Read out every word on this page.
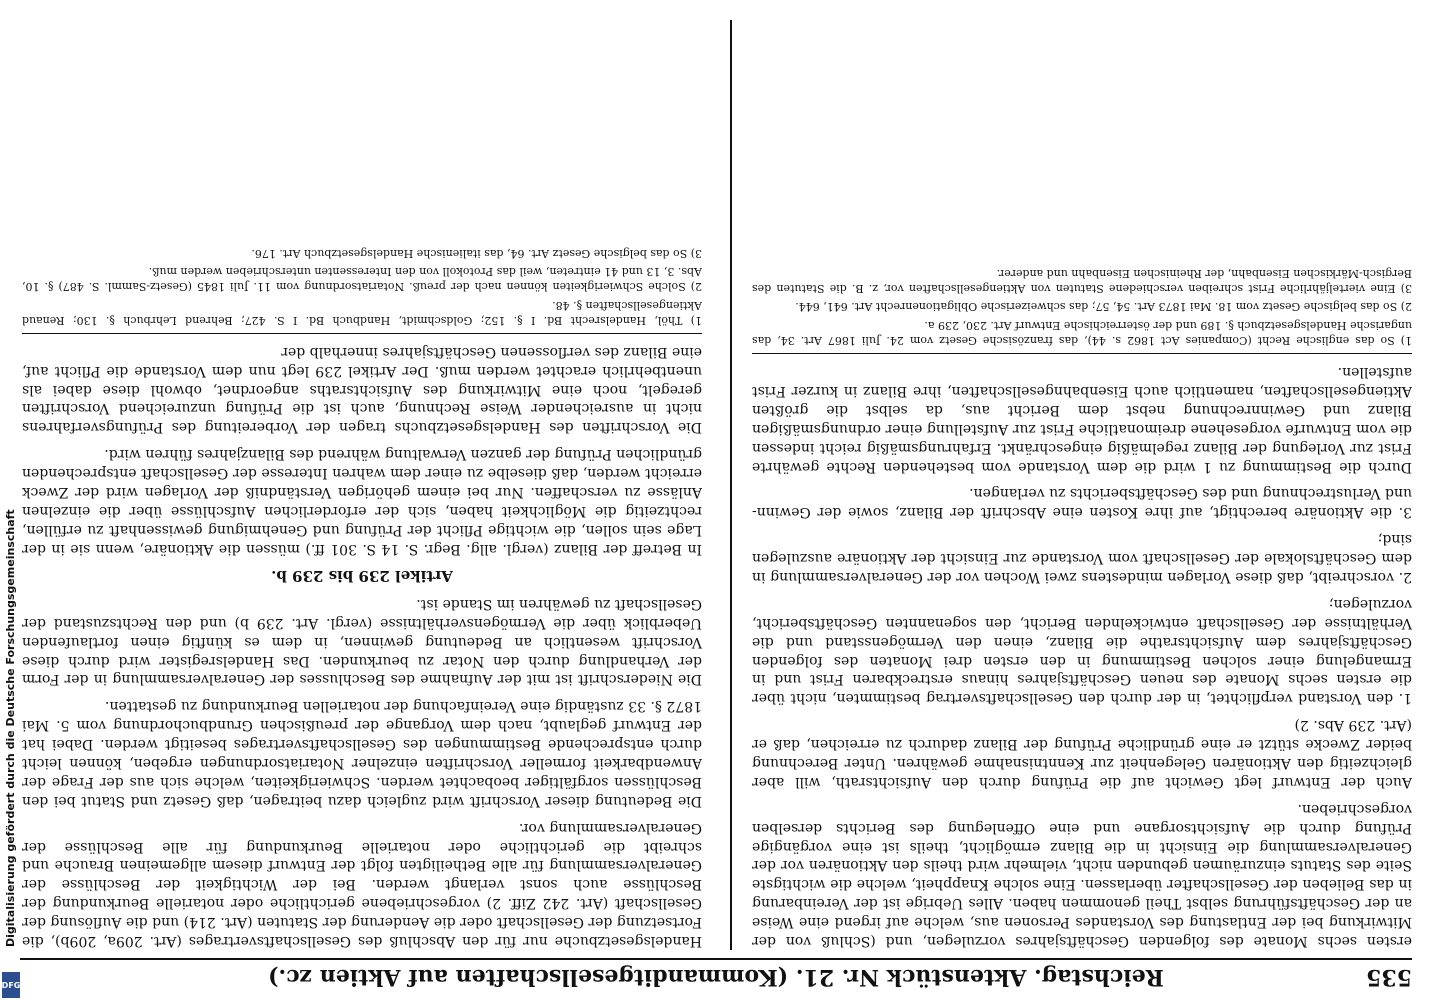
535
Reichstag. Aktenstück Nr. 21. (Kommanditgesellschaften auf Aktien zc.)

ersten sechs Monate des folgenden Geschäftsjahres vorzulegen, und (Schluß von der Mitwirkung bei der Entlastung des Vorstandes Personen aus, welche auf irgend eine Weise an der Geschäftsführung selbst Theil genommen haben. Alles Uebrige ist der Vereinbarung in das Belieben der Gesellschafter überlassen. Eine solche Knappheit, welche die wichtigste Seite des Statuts einzuräumen gebunden nicht, vielmehr wird theils den Aktionären vor der Generalversammlung die Einsicht in die Bilanz ermöglicht, theils ist eine vorgängige Prüfung durch die Aufsichtsorgane und eine Offenlegung des Berichts derselben vorgeschrieben.

Auch der Entwurf legt Gewicht auf die Prüfung durch den Aufsichtsrath, will aber gleichzeitig den Aktionären Gelegenheit zur Kenntnisnahme gewähren. Unter Berechnung beider Zwecke stützt er eine gründliche Prüfung der Bilanz dadurch zu erreichen, daß er (Art. 239 Abs. 2)

1. den Vorstand verpflichtet, in der durch den Gesellschaftsvertrag bestimmten, nicht über die ersten sechs Monate des neuen Geschäftsjahres hinaus erstreckbaren Frist und in Ermangelung einer solchen Bestimmung in den ersten drei Monaten des folgenden Geschäftsjahres dem Aufsichtsrathe die Bilanz, einen den Vermögensstand und die Verhältnisse der Gesellschaft entwickelnden Bericht, den sogenannten Geschäftsbericht, vorzulegen;

2. vorschreibt, daß diese Vorlagen mindestens zwei Wochen vor der Generalversammlung in dem Geschäftslokale der Gesellschaft vom Vorstande zur Einsicht der Aktionäre auszulegen sind;

3. die Aktionäre berechtigt, auf ihre Kosten eine Abschrift der Bilanz, sowie der Gewinn- und Verlustrechnung und des Geschäftsberichts zu verlangen.

Durch die Bestimmung zu 1 wird die dem Vorstande vom bestehenden Rechte gewährte Frist zur Vorlegung der Bilanz regelmäßig eingeschränkt. Erfahrungsmäßig reicht indessen die vom Entwurfe vorgesehene dreimonatliche Frist zur Aufstellung einer ordnungsmäßigen Bilanz und Gewinnrechnung nebst dem Bericht aus, da selbst die größten Aktiengesellschaften, namentlich auch Eisenbahngesellschaften, ihre Bilanz in kurzer Frist aufstellen.

1) So das englische Recht (Companies Act 1862 s. 44), das französische Gesetz vom 24. Juli 1867 Art. 34, das ungarische Handelsgesetzbuch §. 189 und der österreichische Entwurf Art. 230, 239 a.

2) So das belgische Gesetz vom 18. Mai 1873 Art. 54, 57; das schweizerische Obligationenrecht Art. 641, 644.

3) Eine vierteljährliche Frist schreiben verschiedene Statuten von Aktiengesellschaften vor, z. B. die Statuten des Bergisch-Märkischen Eisenbahn, der Rheinischen Eisenbahn und anderer.

Handelsgesetzbuche nur für den Abschluß des Gesellschaftsvertrages (Art. 209a, 209b), die Fortsetzung der Gesellschaft oder die Aenderung der Statuten (Art. 214) und die Auflösung der Gesellschaft (Art. 242 Ziff. 2) vorgeschriebene gerichtliche oder notarielle Beurkundung der Beschlüsse auch sonst verlangt werden. Bei der Wichtigkeit der Beschlüsse der Generalversammlung für alle Betheiligten folgt der Entwurf diesem allgemeinen Brauche und schreibt die gerichtliche oder notarielle Beurkundung für alle Beschlüsse der Generalversammlung vor.

Die Bedeutung dieser Vorschrift wird zugleich dazu beitragen, daß Gesetz und Statut bei den Beschlüssen sorgfältiger beobachtet werden. Schwierigkeiten, welche sich aus der Frage der Anwendbarkeit formeller Vorschriften einzelner Notariatsordnungen ergeben, können leicht durch entsprechende Bestimmungen des Gesellschaftsvertrages beseitigt werden. Dabei hat der Entwurf geglaubt, nach dem Vorgange der preußischen Grundbuchordnung vom 5. Mai 1872 §. 33 zuständig eine Vereinfachung der notariellen Beurkundung zu gestatten.

Die Niederschrift ist mit der Aufnahme des Beschlusses der Generalversammlung in der Form der Verhandlung durch den Notar zu beurkunden. Das Handelsregister wird durch diese Vorschrift wesentlich an Bedeutung gewinnen, in dem es künftig einen fortlaufenden Ueberblick über die Vermögensverhältnisse (vergl. Art. 239 b) und den Rechtszustand der Gesellschaft zu gewähren im Stande ist.

Artikel 239 bis 239 b.

In Betreff der Bilanz (vergl. allg. Begr. S. 14 S. 301 ff.) müssen die Aktionäre, wenn sie in der Lage sein sollen, die wichtige Pflicht der Prüfung und Genehmigung gewissenhaft zu erfüllen, rechtzeitig die Möglichkeit haben, sich der erforderlichen Aufschlüsse über die einzelnen Anlässe zu verschaffen. Nur bei einem gehörigen Verständniß der Vorlagen wird der Zweck erreicht werden, daß dieselbe zu einer dem wahren Interesse der Gesellschaft entsprechenden gründlichen Prüfung der ganzen Verwaltung während des Bilanzjahres führen wird.

Die Vorschriften des Handelsgesetzbuchs tragen der Vorbereitung des Prüfungsverfahrens nicht in ausreichender Weise Rechnung, auch ist die Prüfung unzureichend Vorschriften geregelt, noch eine Mitwirkung des Aufsichtsraths angeordnet, obwohl diese dabei als unentbehrlich erachtet werden muß. Der Artikel 239 legt nun dem Vorstande die Pflicht auf, eine Bilanz des verflossenen Geschäftsjahres innerhalb der

1) Thöl, Handelsrecht Bd. I §. 152; Goldschmidt, Handbuch Bd. I S. 427; Behrend Lehrbuch §. 130; Renaud Aktiengesellschaften §. 48.

2) Solche Schwierigkeiten können nach der preuß. Notariatsordnung vom 11. Juli 1845 (Gesetz-Samml. S. 487) §. 10, Abs. 3, 13 und 41 eintreten, weil das Protokoll von den Interessenten unterschrieben werden muß.

3) So das belgische Gesetz Art. 64, das italienische Handelsgesetzbuch Art. 176.

Digitalisierung gefördert durch die Deutsche Forschungsgemeinschaft
DFG
